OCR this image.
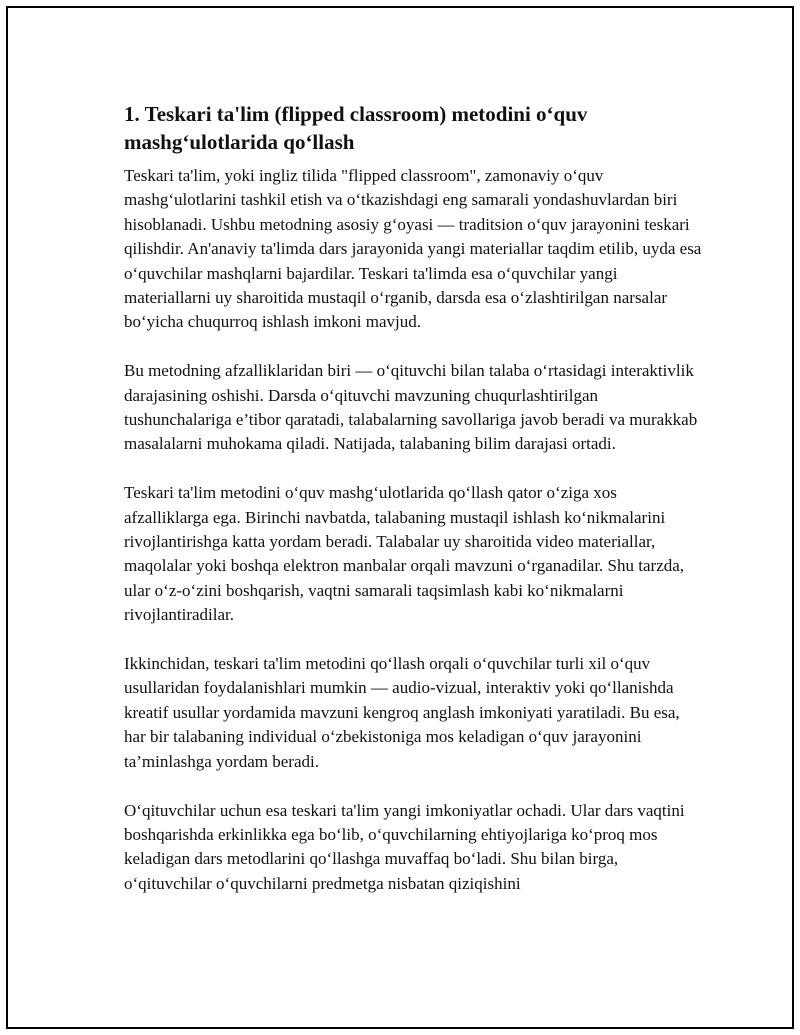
1. Teskari ta'lim (flipped classroom) metodini o‘quv mashg‘ulotlarida qo‘llash

Teskari ta'lim, yoki ingliz tilida "flipped classroom", zamonaviy o‘quv mashg‘ulotlarini tashkil etish va o‘tkazishdagi eng samarali yondashuvlardan biri hisoblanadi. Ushbu metodning asosiy g‘oyasi — traditsion o‘quv jarayonini teskari qilishdir. An'anaviy ta'limda dars jarayonida yangi materiallar taqdim etilib, uyda esa o‘quvchilar mashqlarni bajardilar. Teskari ta'limda esa o‘quvchilar yangi materiallarni uy sharoitida mustaqil o‘rganib, darsda esa o‘zlashtirilgan narsalar bo‘yicha chuqurroq ishlash imkoni mavjud.

Bu metodning afzalliklaridan biri — o‘qituvchi bilan talaba o‘rtasidagi interaktivlik darajasining oshishi. Darsda o‘qituvchi mavzuning chuqurlashtirilgan tushunchalariga e’tibor qaratadi, talabalarning savollariga javob beradi va murakkab masalalarni muhokama qiladi. Natijada, talabaning bilim darajasi ortadi.

Teskari ta'lim metodini o‘quv mashg‘ulotlarida qo‘llash qator o‘ziga xos afzalliklarga ega. Birinchi navbatda, talabaning mustaqil ishlash ko‘nikmalarini rivojlantirishga katta yordam beradi. Talabalar uy sharoitida video materiallar, maqolalar yoki boshqa elektron manbalar orqali mavzuni o‘rganadilar. Shu tarzda, ular o‘z-o‘zini boshqarish, vaqtni samarali taqsimlash kabi ko‘nikmalarni rivojlantiradilar.

Ikkinchidan, teskari ta'lim metodini qo‘llash orqali o‘quvchilar turli xil o‘quv usullaridan foydalanishlari mumkin — audio-vizual, interaktiv yoki qo‘llanishda kreatif usullar yordamida mavzuni kengroq anglash imkoniyati yaratiladi. Bu esa, har bir talabaning individual o‘zbekistoniga mos keladigan o‘quv jarayonini ta’minlashga yordam beradi.

O‘qituvchilar uchun esa teskari ta'lim yangi imkoniyatlar ochadi. Ular dars vaqtini boshqarishda erkinlikka ega bo‘lib, o‘quvchilarning ehtiyojlariga ko‘proq mos keladigan dars metodlarini qo‘llashga muvaffaq bo‘ladi. Shu bilan birga, o‘qituvchilar o‘quvchilarni predmetga nisbatan qiziqishini
